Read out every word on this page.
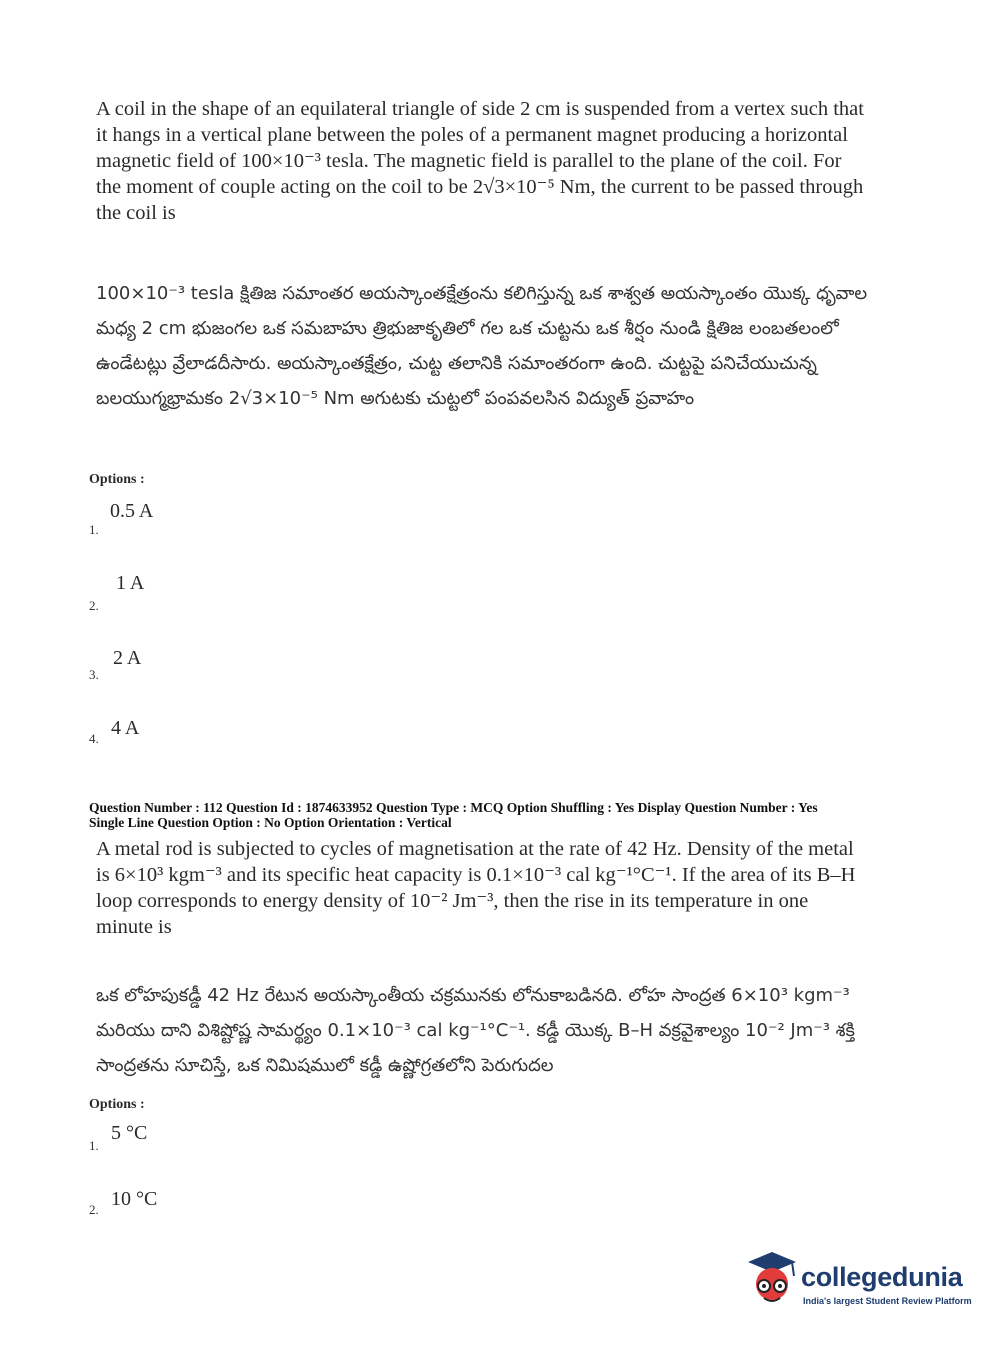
A coil in the shape of an equilateral triangle of side 2 cm is suspended from a vertex such that it hangs in a vertical plane between the poles of a permanent magnet producing a horizontal magnetic field of 100×10⁻³ tesla. The magnetic field is parallel to the plane of the coil. For the moment of couple acting on the coil to be 2√3×10⁻⁵ Nm, the current to be passed through the coil is

100×10⁻³ tesla క్షితిజ సమాంతర అయస్కాంతక్షేత్రంను కలిగిస్తున్న ఒక శాశ్వత అయస్కాంతం యొక్క ధృవాల మధ్య 2 cm భుజంగల ఒక సమబాహు త్రిభుజాకృతిలో గల ఒక చుట్టను ఒక శీర్షం నుండి క్షితిజ లంబతలంలో ఉండేటట్లు వ్రేలాడదీసారు. అయస్కాంతక్షేత్రం, చుట్ట తలానికి సమాంతరంగా ఉంది. చుట్టపై పనిచేయుచున్న బలయుగ్మభ్రామకం 2√3×10⁻⁵ Nm అగుటకు చుట్టలో పంపవలసిన విద్యుత్ ప్రవాహం

Options :

0.5 A
1.
1 A
2.
2 A
3.
4 A
4.

Question Number : 112 Question Id : 1874633952 Question Type : MCQ Option Shuffling : Yes Display Question Number : Yes

Single Line Question Option : No Option Orientation : Vertical

A metal rod is subjected to cycles of magnetisation at the rate of 42 Hz. Density of the metal is 6×10³ kgm⁻³ and its specific heat capacity is 0.1×10⁻³ cal kg⁻¹°C⁻¹. If the area of its B–H loop corresponds to energy density of 10⁻² Jm⁻³, then the rise in its temperature in one minute is

ఒక లోహపుకడ్డీ 42 Hz రేటున అయస్కాంతీయ చక్రమునకు లోనుకాబడినది. లోహ సాంద్రత 6×10³ kgm⁻³ మరియు దాని విశిష్టోష్ణ సామర్థ్యం 0.1×10⁻³ cal kg⁻¹°C⁻¹. కడ్డీ యొక్క B–H వక్రవైశాల్యం 10⁻² Jm⁻³ శక్తి సాంద్రతను సూచిస్తే, ఒక నిమిషములో కడ్డీ ఉష్ణోగ్రతలోని పెరుగుదల

Options :

5 °C
1.
10 °C
2.
collegedunia
India's largest Student Review Platform
